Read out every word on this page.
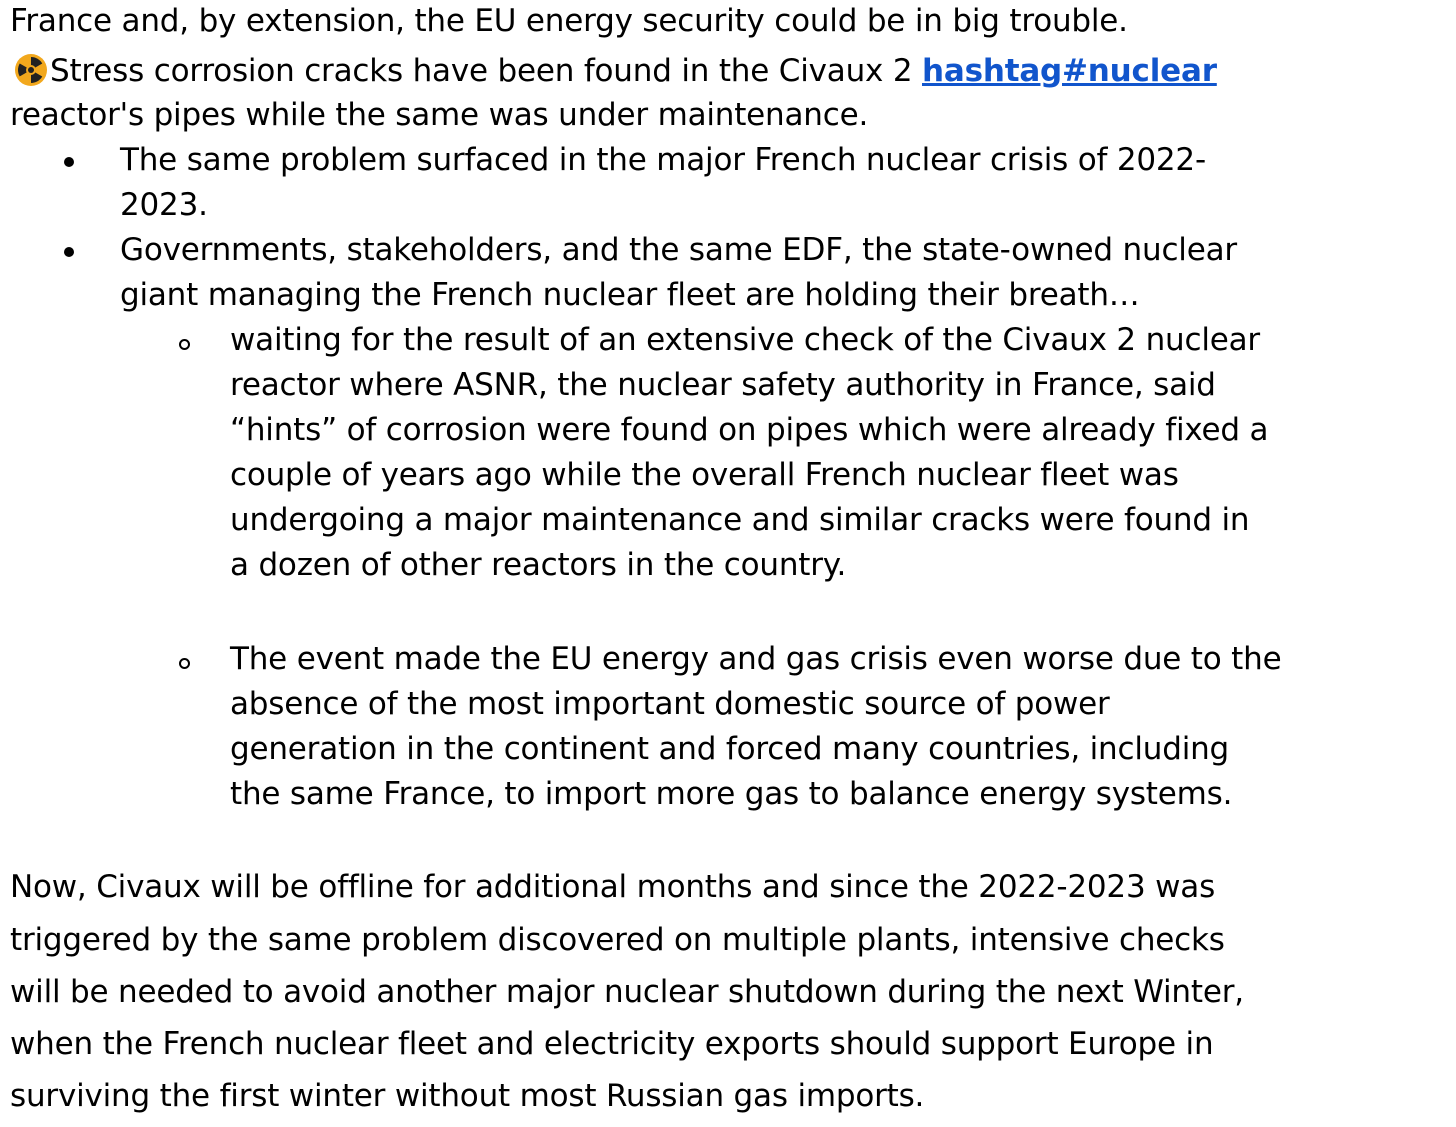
France and, by extension, the EU energy security could be in big trouble.
Stress corrosion cracks have been found in the Civaux 2 hashtag#nuclear
reactor's pipes while the same was under maintenance.
The same problem surfaced in the major French nuclear crisis of 2022-
2023.
Governments, stakeholders, and the same EDF, the state-owned nuclear
giant managing the French nuclear fleet are holding their breath…
waiting for the result of an extensive check of the Civaux 2 nuclear
reactor where ASNR, the nuclear safety authority in France, said
“hints” of corrosion were found on pipes which were already fixed a
couple of years ago while the overall French nuclear fleet was
undergoing a major maintenance and similar cracks were found in
a dozen of other reactors in the country.
The event made the EU energy and gas crisis even worse due to the
absence of the most important domestic source of power
generation in the continent and forced many countries, including
the same France, to import more gas to balance energy systems.
Now, Civaux will be offline for additional months and since the 2022-2023 was
triggered by the same problem discovered on multiple plants, intensive checks
will be needed to avoid another major nuclear shutdown during the next Winter,
when the French nuclear fleet and electricity exports should support Europe in
surviving the first winter without most Russian gas imports.
